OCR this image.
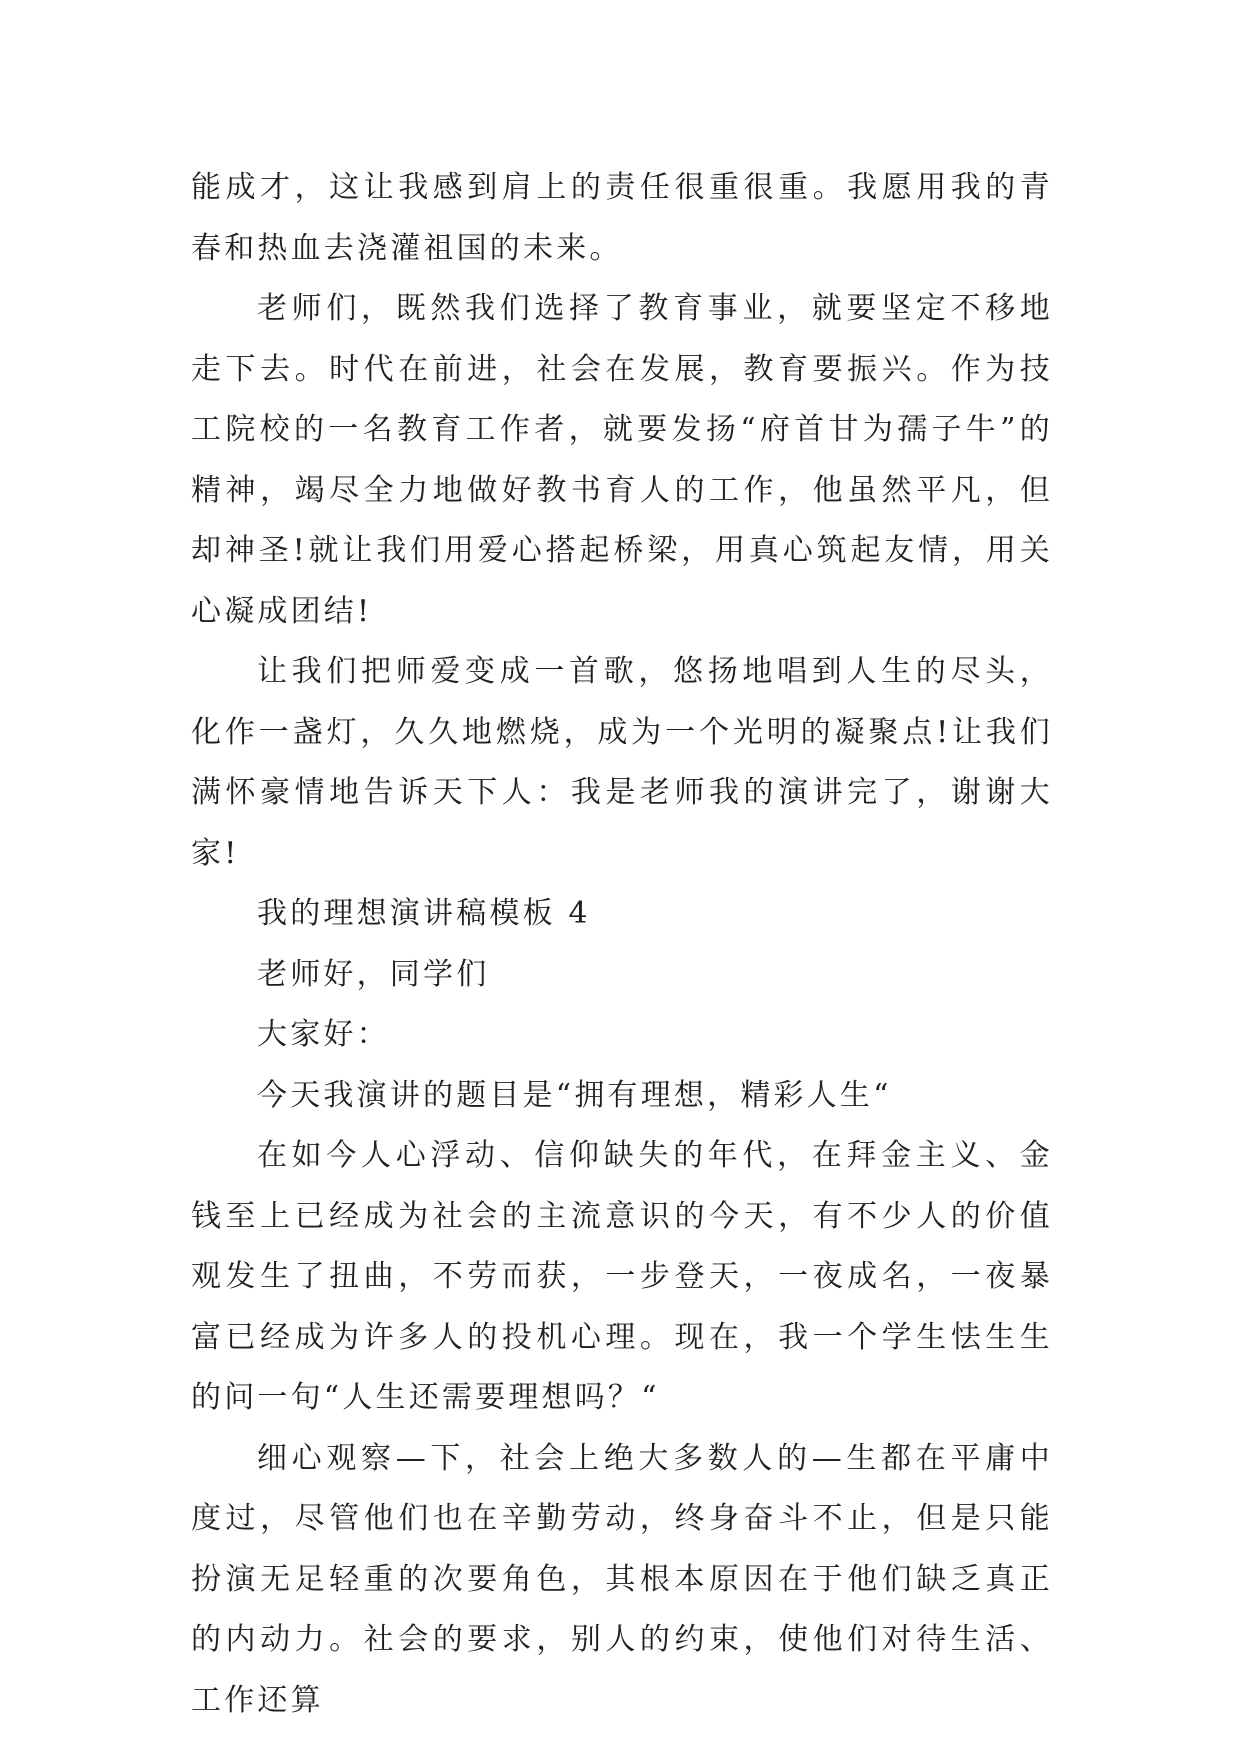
能成才，这让我感到肩上的责任很重很重。我愿用我的青春和热血去浇灌祖国的未来。

老师们，既然我们选择了教育事业，就要坚定不移地走下去。时代在前进，社会在发展，教育要振兴。作为技工院校的一名教育工作者，就要发扬“府首甘为孺子牛”的精神，竭尽全力地做好教书育人的工作，他虽然平凡，但却神圣!就让我们用爱心搭起桥梁，用真心筑起友情，用关心凝成团结!

让我们把师爱变成一首歌，悠扬地唱到人生的尽头，化作一盏灯，久久地燃烧，成为一个光明的凝聚点!让我们满怀豪情地告诉天下人：我是老师我的演讲完了，谢谢大家!

我的理想演讲稿模板 4

老师好，同学们

大家好：

今天我演讲的题目是“拥有理想，精彩人生“

在如今人心浮动、信仰缺失的年代，在拜金主义、金钱至上已经成为社会的主流意识的今天，有不少人的价值观发生了扭曲，不劳而获，一步登天，一夜成名，一夜暴富已经成为许多人的投机心理。现在，我一个学生怯生生的问一句“人生还需要理想吗？“

细心观察—下，社会上绝大多数人的—生都在平庸中度过，尽管他们也在辛勤劳动，终身奋斗不止，但是只能扮演无足轻重的次要角色，其根本原因在于他们缺乏真正的内动力。社会的要求，别人的约束，使他们对待生活、工作还算
